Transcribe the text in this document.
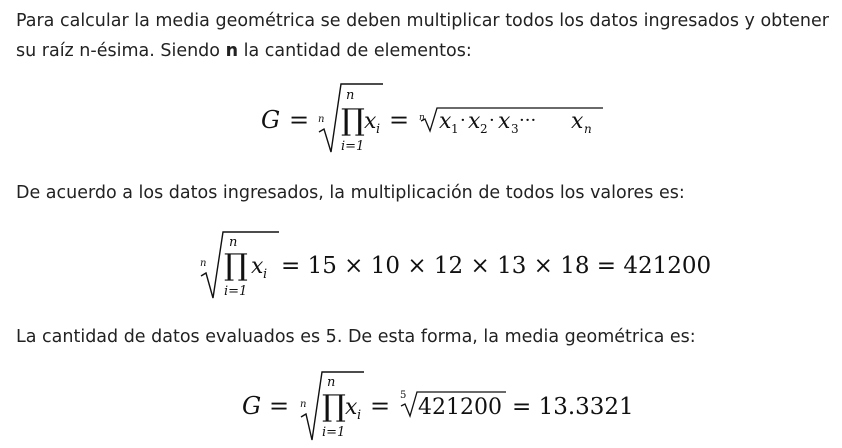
Para calcular la media geométrica se deben multiplicar todos los datos ingresados y obtener
su raíz n-ésima. Siendo n la cantidad de elementos:
G = n
n
∏
i=1
x i = n x 1 · x 2 · x 3 ··· x n
De acuerdo a los datos ingresados, la multiplicación de todos los valores es:
n
n
∏
i=1
x i = 15 × 10 × 12 × 13 × 18 = 421200
La cantidad de datos evaluados es 5. De esta forma, la media geométrica es:
G = n
n
∏
i=1
x i = 5 421200 = 13.3321
